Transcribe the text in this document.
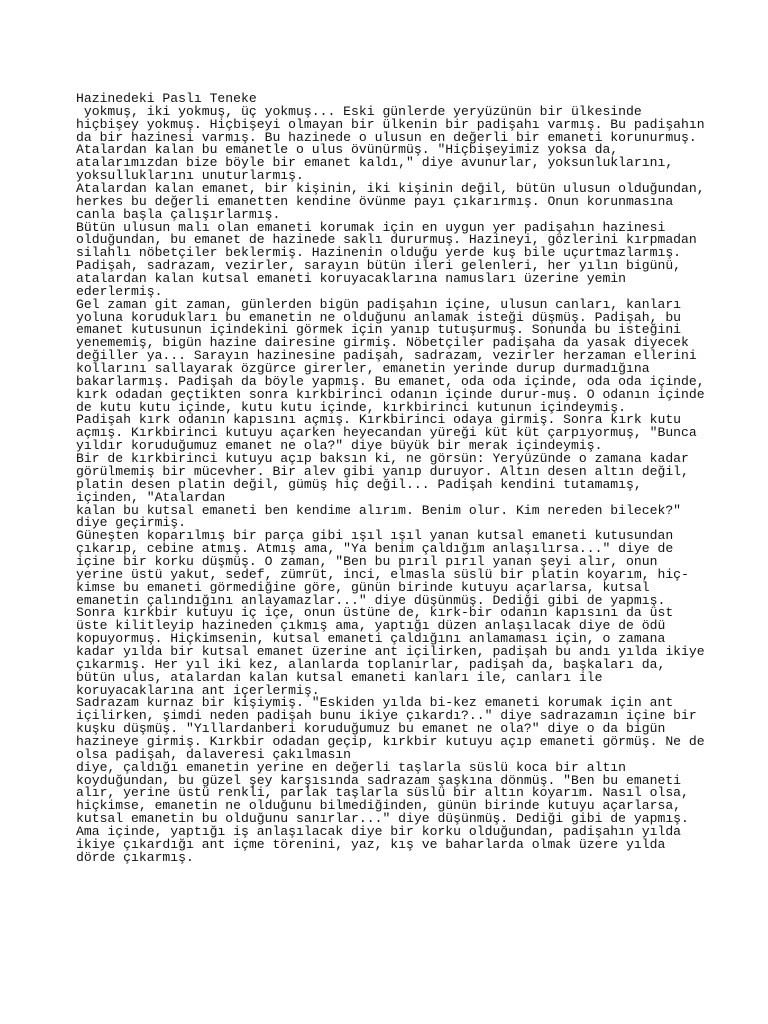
Hazinedeki Paslı Teneke
yokmuş, iki yokmuş, üç yokmuş... Eski günlerde yeryüzünün bir ülkesinde
hiçbişey yokmuş. Hiçbişeyi olmayan bir ülkenin bir padişahı varmış. Bu padişahın
da bir hazinesi varmış. Bu hazinede o ulusun en değerli bir emaneti korunurmuş.
Atalardan kalan bu emanetle o ulus övünürmüş. "Hiçbişeyimiz yoksa da,
atalarımızdan bize böyle bir emanet kaldı," diye avunurlar, yoksunluklarını,
yoksulluklarını unuturlarmış.
Atalardan kalan emanet, bir kişinin, iki kişinin değil, bütün ulusun olduğundan,
herkes bu değerli emanetten kendine övünme payı çıkarırmış. Onun korunmasına
canla başla çalışırlarmış.
Bütün ulusun malı olan emaneti korumak için en uygun yer padişahın hazinesi
olduğundan, bu emanet de hazinede saklı dururmuş. Hazineyi, gözlerini kırpmadan
silahlı nöbetçiler beklermiş. Hazinenin olduğu yerde kuş bile uçurtmazlarmış.
Padişah, sadrazam, vezirler, sarayın bütün ileri gelenleri, her yılın bigünü,
atalardan kalan kutsal emaneti koruyacaklarına namusları üzerine yemin
ederlermiş.
Gel zaman git zaman, günlerden bigün padişahın içine, ulusun canları, kanları
yoluna korudukları bu emanetin ne olduğunu anlamak isteği düşmüş. Padişah, bu
emanet kutusunun içindekini görmek için yanıp tutuşurmuş. Sonunda bu isteğini
yenememiş, bigün hazine dairesine girmiş. Nöbetçiler padişaha da yasak diyecek
değiller ya... Sarayın hazinesine padişah, sadrazam, vezirler herzaman ellerini
kollarını sallayarak özgürce girerler, emanetin yerinde durup durmadığına
bakarlarmış. Padişah da böyle yapmış. Bu emanet, oda oda içinde, oda oda içinde,
kırk odadan geçtikten sonra kırkbirinci odanın içinde durur-muş. O odanın içinde
de kutu kutu içinde, kutu kutu içinde, kırkbirinci kutunun içindeymiş.
Padişah kırk odanın kapısını açmış. Kırkbirinci odaya girmiş. Sonra kırk kutu
açmış. Kırkbirinci kutuyu açarken heyecandan yüreği küt küt çarpıyormuş, "Bunca
yıldır koruduğumuz emanet ne ola?" diye büyük bir merak içindeymiş.
Bir de kırkbirinci kutuyu açıp baksın ki, ne görsün: Yeryüzünde o zamana kadar
görülmemiş bir mücevher. Bir alev gibi yanıp duruyor. Altın desen altın değil,
platin desen platin değil, gümüş hiç değil... Padişah kendini tutamamış,
içinden, "Atalardan
kalan bu kutsal emaneti ben kendime alırım. Benim olur. Kim nereden bilecek?"
diye geçirmiş.
Güneşten koparılmış bir parça gibi ışıl ışıl yanan kutsal emaneti kutusundan
çıkarıp, cebine atmış. Atmış ama, "Ya benim çaldığım anlaşılırsa..." diye de
içine bir korku düşmüş. O zaman, "Ben bu pırıl pırıl yanan şeyi alır, onun
yerine üstü yakut, sedef, zümrüt, inci, elmasla süslü bir platin koyarım, hiç-
kimse bu emaneti görmediğine göre, günün birinde kutuyu açarlarsa, kutsal
emanetin çalındığını anlayamazlar..." diye düşünmüş. Dediği gibi de yapmış.
Sonra kırkbir kutuyu iç içe, onun üstüne de, kırk-bir odanın kapısını da üst
üste kilitleyip hazineden çıkmış ama, yaptığı düzen anlaşılacak diye de ödü
kopuyormuş. Hiçkimsenin, kutsal emaneti çaldığını anlamaması için, o zamana
kadar yılda bir kutsal emanet üzerine ant içilirken, padişah bu andı yılda ikiye
çıkarmış. Her yıl iki kez, alanlarda toplanırlar, padişah da, başkaları da,
bütün ulus, atalardan kalan kutsal emaneti kanları ile, canları ile
koruyacaklarına ant içerlermiş.
Sadrazam kurnaz bir kişiymiş. "Eskiden yılda bi-kez emaneti korumak için ant
içilirken, şimdi neden padişah bunu ikiye çıkardı?.." diye sadrazamın içine bir
kuşku düşmüş. "Yıllardanberi koruduğumuz bu emanet ne ola?" diye o da bigün
hazineye girmiş. Kırkbir odadan geçip, kırkbir kutuyu açıp emaneti görmüş. Ne de
olsa padişah, dalaveresi çakılmasın
diye, çaldığı emanetin yerine en değerli taşlarla süslü koca bir altın
koyduğundan, bu güzel şey karşısında sadrazam şaşkına dönmüş. "Ben bu emaneti
alır, yerine üstü renkli, parlak taşlarla süslü bir altın koyarım. Nasıl olsa,
hiçkimse, emanetin ne olduğunu bilmediğinden, günün birinde kutuyu açarlarsa,
kutsal emanetin bu olduğunu sanırlar..." diye düşünmüş. Dediği gibi de yapmış.
Ama içinde, yaptığı iş anlaşılacak diye bir korku olduğundan, padişahın yılda
ikiye çıkardığı ant içme törenini, yaz, kış ve baharlarda olmak üzere yılda
dörde çıkarmış.
